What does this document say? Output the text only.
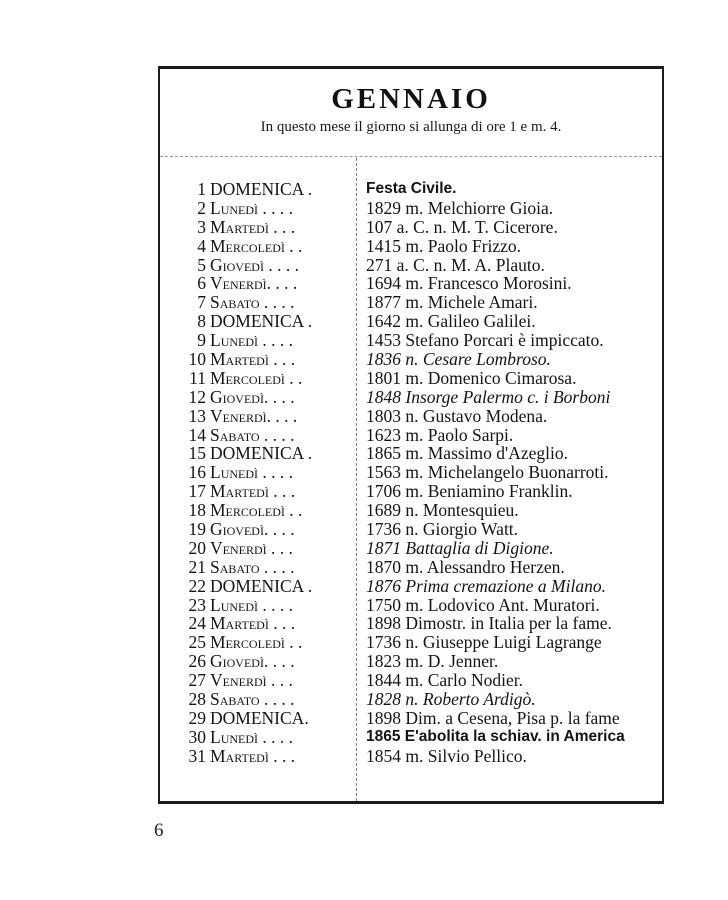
GENNAIO
In questo mese il giorno si allunga di ore 1 e m. 4.
1 DOMENICA .	Festa Civile.
2 Lunedì . . . .	1829 m. Melchiorre Gioia.
3 Martedì . . .	107 a. C. n. M. T. Cicerore.
4 Mercoledì . .	1415 m. Paolo Frizzo.
5 Giovedì . . . .	271 a. C. n. M. A. Plauto.
6 Venerdì. . . .	1694 m. Francesco Morosini.
7 Sabato . . . .	1877 m. Michele Amari.
8 DOMENICA .	1642 m. Galileo Galilei.
9 Lunedì . . . .	1453 Stefano Porcari è impiccato.
10 Martedì . . .	1836 n. Cesare Lombroso.
11 Mercoledì . .	1801 m. Domenico Cimarosa.
12 Giovedì. . . .	1848 Insorge Palermo c. i Borboni
13 Venerdì. . . .	1803 n. Gustavo Modena.
14 Sabato . . . .	1623 m. Paolo Sarpi.
15 DOMENICA .	1865 m. Massimo d'Azeglio.
16 Lunedì . . . .	1563 m. Michelangelo Buonarroti.
17 Martedì . . .	1706 m. Beniamino Franklin.
18 Mercoledì . .	1689 n. Montesquieu.
19 Giovedì. . . .	1736 n. Giorgio Watt.
20 Venerdì . . .	1871 Battaglia di Digione.
21 Sabato . . . .	1870 m. Alessandro Herzen.
22 DOMENICA .	1876 Prima cremazione a Milano.
23 Lunedì . . . .	1750 m. Lodovico Ant. Muratori.
24 Martedì . . .	1898 Dimostr. in Italia per la fame.
25 Mercoledì . .	1736 n. Giuseppe Luigi Lagrange
26 Giovedì. . . .	1823 m. D. Jenner.
27 Venerdì . . .	1844 m. Carlo Nodier.
28 Sabato . . . .	1828 n. Roberto Ardigò.
29 DOMENICA.	1898 Dim. a Cesena, Pisa p. la fame
30 Lunedì . . . .	1865 E'abolita la schiav. in America
31 Martedì . . .	1854 m. Silvio Pellico.
6
